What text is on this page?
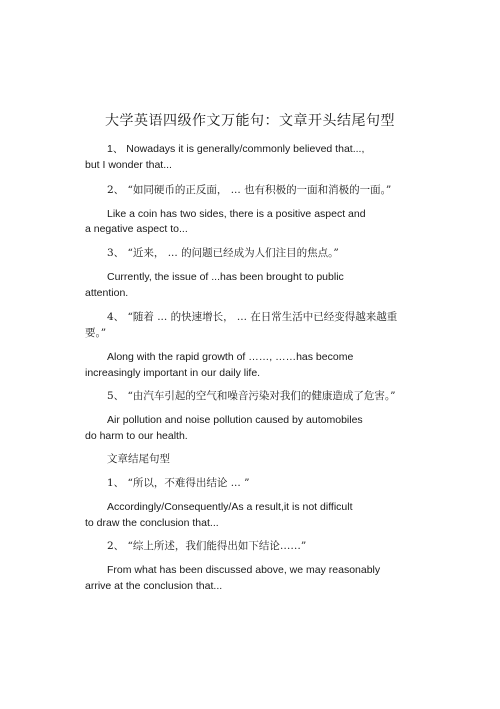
大学英语四级作文万能句：文章开头结尾句型
1、 Nowadays it is generally/commonly believed that...,
but I wonder that...
2、 “如同硬币的正反面， ... 也有积极的一面和消极的一面。”
Like a coin has two sides, there is a positive aspect and
a negative aspect to...
3、 “近来， ... 的问题已经成为人们注目的焦点。”
Currently, the issue of ...has been brought to public
attention.
4、 “随着 ... 的快速增长， ... 在日常生活中已经变得越来越重
要。”
Along with the rapid growth of ……, ……has become
increasingly important in our daily life.
5、 “由汽车引起的空气和噪音污染对我们的健康造成了危害。”
Air pollution and noise pollution caused by automobiles
do harm to our health.
文章结尾句型
1、 “所以，不难得出结论 ... ”
Accordingly/Consequently/As a result,it is not difficult
to draw the conclusion that...
2、 “综上所述，我们能得出如下结论……”
From what has been discussed above, we may reasonably
arrive at the conclusion that...
